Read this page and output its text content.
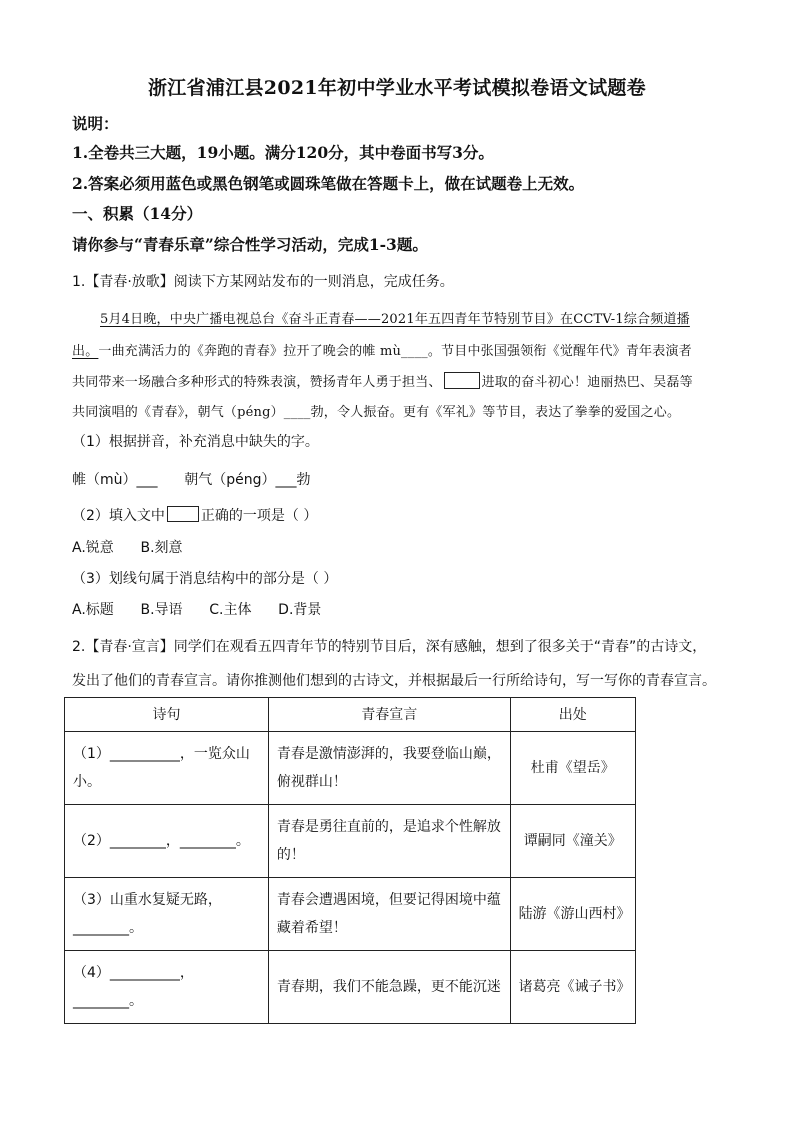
浙江省浦江县2021年初中学业水平考试模拟卷语文试题卷
说明：
1.全卷共三大题，19小题。满分120分，其中卷面书写3分。
2.答案必须用蓝色或黑色钢笔或圆珠笔做在答题卡上，做在试题卷上无效。
一、积累（14分）
请你参与“青春乐章”综合性学习活动，完成1-3题。
1.【青春·放歌】阅读下方某网站发布的一则消息，完成任务。
5月4日晚，中央广播电视总台《奋斗正青春——2021年五四青年节特别节目》在CCTV-1综合频道播
出。一曲充满活力的《奔跑的青春》拉开了晚会的帷 mù____。节目中张国强领衔《觉醒年代》青年表演者
共同带来一场融合多种形式的特殊表演，赞扬青年人勇于担当、	进取的奋斗初心！迪丽热巴、吴磊等
共同演唱的《青春》，朝气（péng）____勃，令人振奋。更有《军礼》等节目，表达了拳拳的爱国之心。
（1）根据拼音，补充消息中缺失的字。
帷（mù）___      朝气（péng）___勃
（2）填入文中	正确的一项是（ ）
A.锐意      B.刻意
（3）划线句属于消息结构中的部分是（ ）
A.标题      B.导语      C.主体      D.背景
2.【青春·宣言】同学们在观看五四青年节的特别节目后，深有感触，想到了很多关于“青春”的古诗文，
发出了他们的青春宣言。请你推测他们想到的古诗文，并根据最后一行所给诗句，写一写你的青春宣言。
诗句	青春宣言	出处
（1）__________，一览众山小。	青春是激情澎湃的，我要登临山巅，俯视群山！	杜甫《望岳》
（2）________，________。	青春是勇往直前的，是追求个性解放的！	谭嗣同《潼关》
（3）山重水复疑无路，________。	青春会遭遇困境，但要记得困境中蕴藏着希望！	陆游《游山西村》
（4）__________，________。	青春期，我们不能急躁，更不能沉迷	诸葛亮《诫子书》
